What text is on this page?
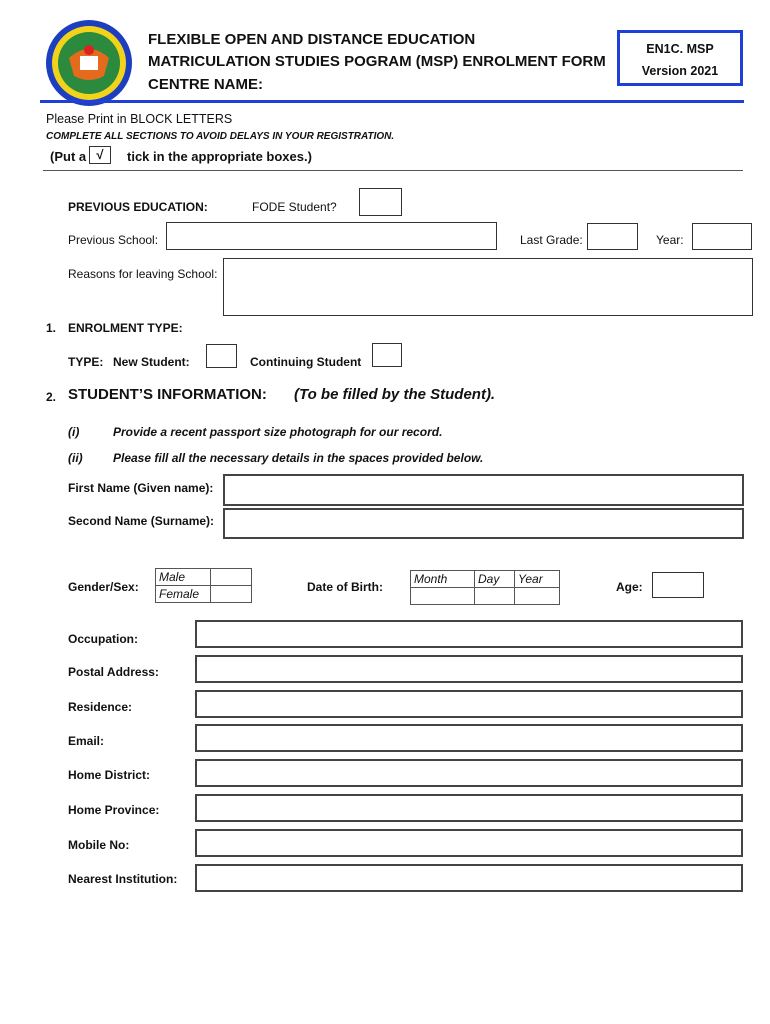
FLEXIBLE OPEN AND DISTANCE EDUCATION
MATRICULATION STUDIES POGRAM (MSP) ENROLMENT FORM
CENTRE NAME:
EN1C. MSP
Version 2021
Please Print in BLOCK LETTERS
COMPLETE ALL SECTIONS TO AVOID DELAYS IN YOUR REGISTRATION.
(Put a √	tick in the appropriate boxes.)
PREVIOUS EDUCATION:	FODE Student?
Previous School:	Last Grade:	Year:
Reasons for leaving School:
1. ENROLMENT TYPE:
TYPE: New Student:	Continuing Student
2. STUDENT’S INFORMATION: (To be filled by the Student).
(i)	Provide a recent passport size photograph for our record.
(ii)	Please fill all the necessary details in the spaces provided below.
First Name (Given name):
Second Name (Surname):
Gender/Sex:
Male	
Female		Date of Birth:
Month	Day	Year

Age:
Occupation:
Postal Address:
Residence:
Email:
Home District:
Home Province:
Mobile No:
Nearest Institution:
